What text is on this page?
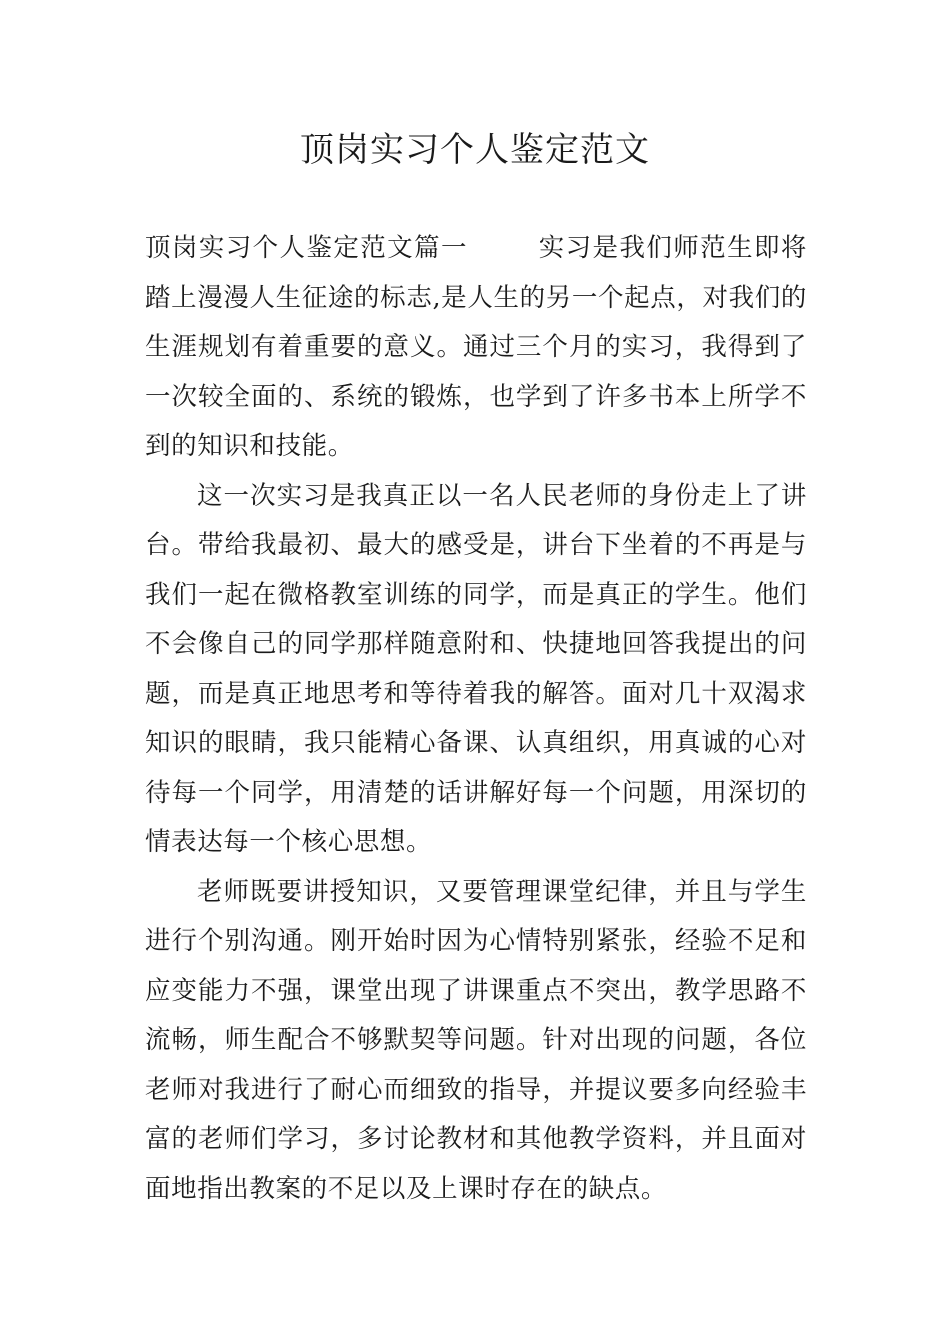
顶岗实习个人鉴定范文

顶岗实习个人鉴定范文篇一	实习是我们师范生即将踏上漫漫人生征途的标志,是人生的另一个起点，对我们的生涯规划有着重要的意义。通过三个月的实习，我得到了一次较全面的、系统的锻炼，也学到了许多书本上所学不到的知识和技能。

这一次实习是我真正以一名人民老师的身份走上了讲台。带给我最初、最大的感受是，讲台下坐着的不再是与我们一起在微格教室训练的同学，而是真正的学生。他们不会像自己的同学那样随意附和、快捷地回答我提出的问题，而是真正地思考和等待着我的解答。面对几十双渴求知识的眼睛，我只能精心备课、认真组织，用真诚的心对待每一个同学，用清楚的话讲解好每一个问题，用深切的情表达每一个核心思想。

老师既要讲授知识，又要管理课堂纪律，并且与学生进行个别沟通。刚开始时因为心情特别紧张，经验不足和应变能力不强，课堂出现了讲课重点不突出，教学思路不流畅，师生配合不够默契等问题。针对出现的问题，各位老师对我进行了耐心而细致的指导，并提议要多向经验丰富的老师们学习，多讨论教材和其他教学资料，并且面对面地指出教案的不足以及上课时存在的缺点。
